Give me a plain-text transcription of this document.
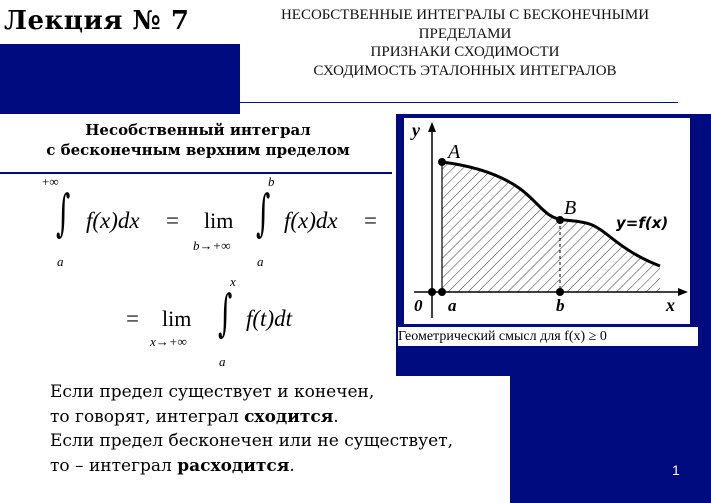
Лекция № 7	НЕСОБСТВЕННЫЕ ИНТЕГРАЛЫ С БЕСКОНЕЧНЫМИ
ПРЕДЕЛАМИ
ПРИЗНАКИ СХОДИМОСТИ
СХОДИМОСТЬ ЭТАЛОННЫХ ИНТЕГРАЛОВ
Несобственный интеграл
с бесконечным верхним пределом
+∞
∫
a
f(x)dx = lim
b→+∞
b
∫
a
f(x)dx =
= lim
x→+∞
x
∫
a
f(t)dt
y
x
0 a	b
A
B
y=f(x)
Геометрический смысл для f(x) ≥ 0
Если предел существует и конечен,
то говорят, интеграл сходится.
Если предел бесконечен или не существует,
то – интеграл расходится.	1
